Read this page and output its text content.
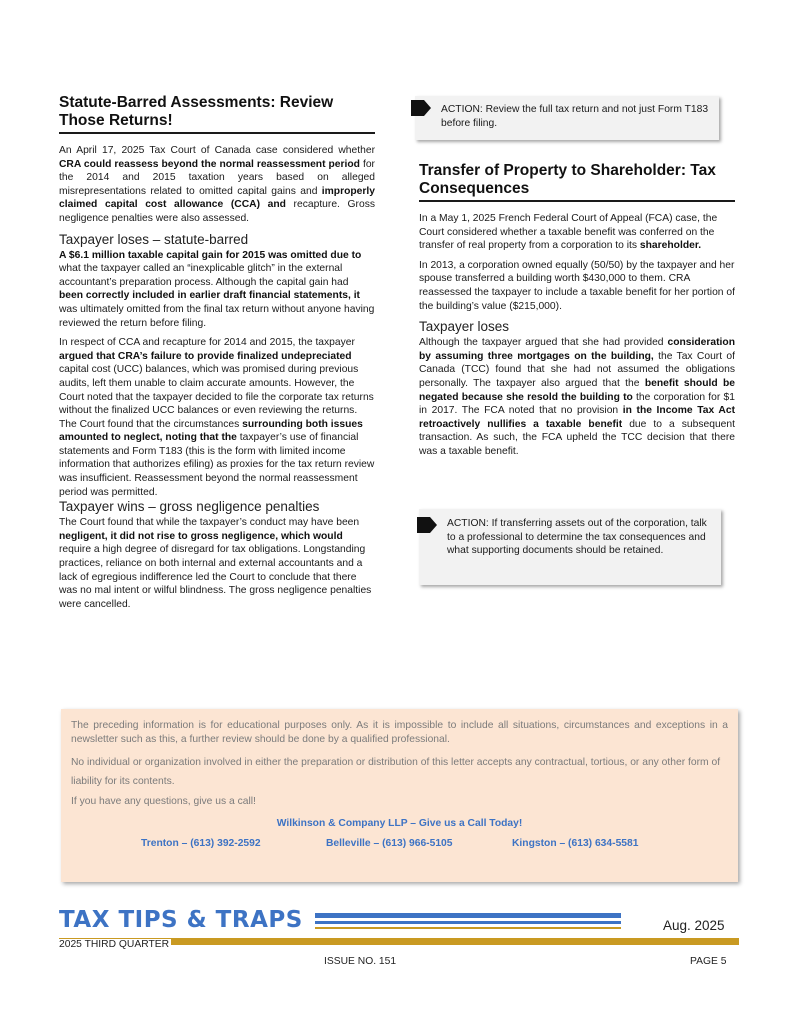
Statute-Barred Assessments: Review Those Returns!
An April 17, 2025 Tax Court of Canada case considered whether CRA could reassess beyond the normal reassessment period for the 2014 and 2015 taxation years based on alleged misrepresentations related to omitted capital gains and improperly claimed capital cost allowance (CCA) and recapture. Gross negligence penalties were also assessed.
Taxpayer loses – statute-barred
A $6.1 million taxable capital gain for 2015 was omitted due to what the taxpayer called an “inexplicable glitch” in the external accountant’s preparation process. Although the capital gain had been correctly included in earlier draft financial statements, it was ultimately omitted from the final tax return without anyone having reviewed the return before filing.
In respect of CCA and recapture for 2014 and 2015, the taxpayer argued that CRA’s failure to provide finalized undepreciated capital cost (UCC) balances, which was promised during previous audits, left them unable to claim accurate amounts. However, the Court noted that the taxpayer decided to file the corporate tax returns without the finalized UCC balances or even reviewing the returns. The Court found that the circumstances surrounding both issues amounted to neglect, noting that the taxpayer’s use of financial statements and Form T183 (this is the form with limited income information that authorizes efiling) as proxies for the tax return review was insufficient. Reassessment beyond the normal reassessment period was permitted.
Taxpayer wins – gross negligence penalties
The Court found that while the taxpayer’s conduct may have been negligent, it did not rise to gross negligence, which would require a high degree of disregard for tax obligations. Longstanding practices, reliance on both internal and external accountants and a lack of egregious indifference led the Court to conclude that there was no mal intent or wilful blindness. The gross negligence penalties were cancelled.
ACTION: Review the full tax return and not just Form T183 before filing.
Transfer of Property to Shareholder: Tax Consequences
In a May 1, 2025 French Federal Court of Appeal (FCA) case, the Court considered whether a taxable benefit was conferred on the transfer of real property from a corporation to its shareholder.
In 2013, a corporation owned equally (50/50) by the taxpayer and her spouse transferred a building worth $430,000 to them. CRA reassessed the taxpayer to include a taxable benefit for her portion of the building’s value ($215,000).
Taxpayer loses
Although the taxpayer argued that she had provided consideration by assuming three mortgages on the building, the Tax Court of Canada (TCC) found that she had not assumed the obligations personally. The taxpayer also argued that the benefit should be negated because she resold the building to the corporation for $1 in 2017. The FCA noted that no provision in the Income Tax Act retroactively nullifies a taxable benefit due to a subsequent transaction. As such, the FCA upheld the TCC decision that there was a taxable benefit.
ACTION: If transferring assets out of the corporation, talk to a professional to determine the tax consequences and what supporting documents should be retained.
The preceding information is for educational purposes only. As it is impossible to include all situations, circumstances and exceptions in a newsletter such as this, a further review should be done by a qualified professional.
No individual or organization involved in either the preparation or distribution of this letter accepts any contractual, tortious, or any other form of liability for its contents.
If you have any questions, give us a call!
Wilkinson & Company LLP – Give us a Call Today!
Trenton – (613) 392-2592	Belleville – (613) 966-5105	Kingston – (613) 634-5581
TAX TIPS & TRAPS	Aug. 2025
2025 THIRD QUARTER
ISSUE NO. 151	PAGE 5
